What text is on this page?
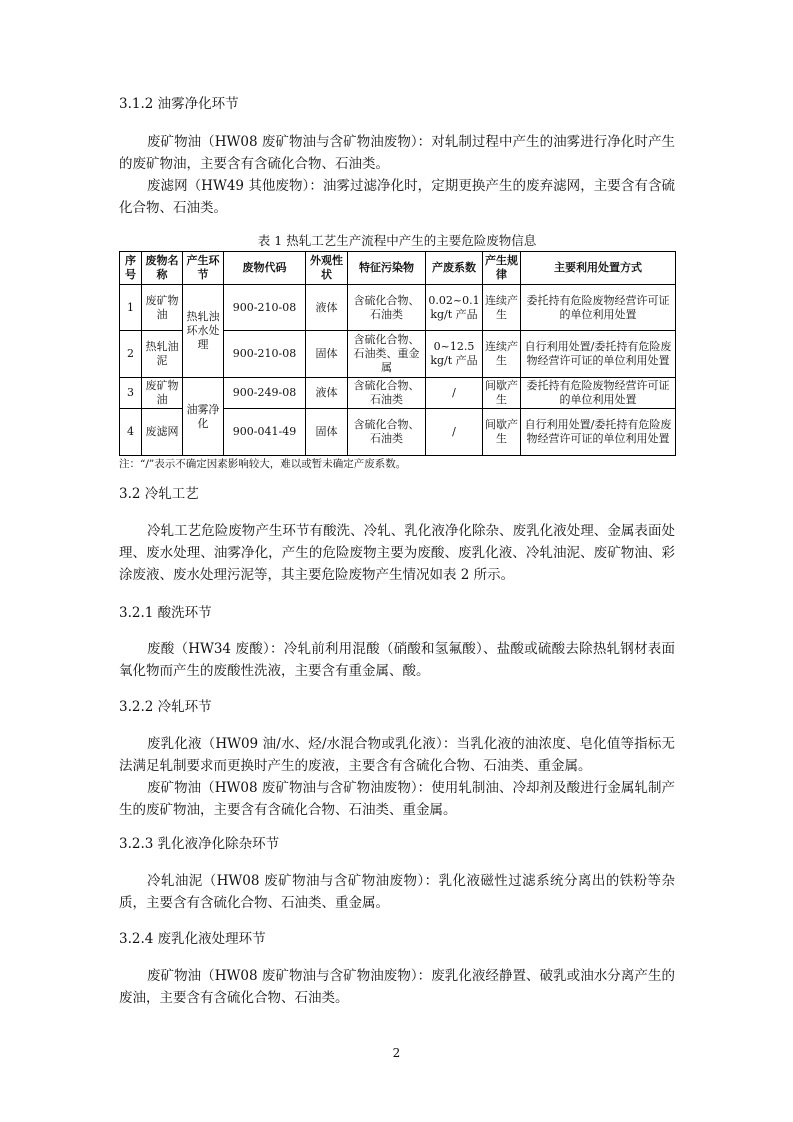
3.1.2 油雾净化环节

废矿物油（HW08 废矿物油与含矿物油废物）：对轧制过程中产生的油雾进行净化时产生的废矿物油，主要含有含硫化合物、石油类。

废滤网（HW49 其他废物）：油雾过滤净化时，定期更换产生的废弃滤网，主要含有含硫化合物、石油类。

表 1 热轧工艺生产流程中产生的主要危险废物信息
序号	废物名称	产生环节	废物代码	外观性状	特征污染物	产废系数	产生规律	主要利用处置方式
1	废矿物油	热轧浊环水处理	900-210-08	液体	含硫化合物、石油类	0.02~0.1 kg/t 产品	连续产生	委托持有危险废物经营许可证的单位利用处置
2	热轧油泥		900-210-08	固体	含硫化合物、石油类、重金属	0~12.5 kg/t 产品	连续产生	自行利用处置/委托持有危险废物经营许可证的单位利用处置
3	废矿物油	油雾净化	900-249-08	液体	含硫化合物、石油类	/	间歇产生	委托持有危险废物经营许可证的单位利用处置
4	废滤网		900-041-49	固体	含硫化合物、石油类	/	间歇产生	自行利用处置/委托持有危险废物经营许可证的单位利用处置
注：“/”表示不确定因素影响较大，难以或暂未确定产废系数。
3.2 冷轧工艺

冷轧工艺危险废物产生环节有酸洗、冷轧、乳化液净化除杂、废乳化液处理、金属表面处理、废水处理、油雾净化，产生的危险废物主要为废酸、废乳化液、冷轧油泥、废矿物油、彩涂废液、废水处理污泥等，其主要危险废物产生情况如表 2 所示。

3.2.1 酸洗环节

废酸（HW34 废酸）：冷轧前利用混酸（硝酸和氢氟酸）、盐酸或硫酸去除热轧钢材表面氧化物而产生的废酸性洗液，主要含有重金属、酸。

3.2.2 冷轧环节

废乳化液（HW09 油/水、烃/水混合物或乳化液）：当乳化液的油浓度、皂化值等指标无法满足轧制要求而更换时产生的废液，主要含有含硫化合物、石油类、重金属。

废矿物油（HW08 废矿物油与含矿物油废物）：使用轧制油、冷却剂及酸进行金属轧制产生的废矿物油，主要含有含硫化合物、石油类、重金属。

3.2.3 乳化液净化除杂环节

冷轧油泥（HW08 废矿物油与含矿物油废物）：乳化液磁性过滤系统分离出的铁粉等杂质，主要含有含硫化合物、石油类、重金属。

3.2.4 废乳化液处理环节

废矿物油（HW08 废矿物油与含矿物油废物）：废乳化液经静置、破乳或油水分离产生的废油，主要含有含硫化合物、石油类。

2
